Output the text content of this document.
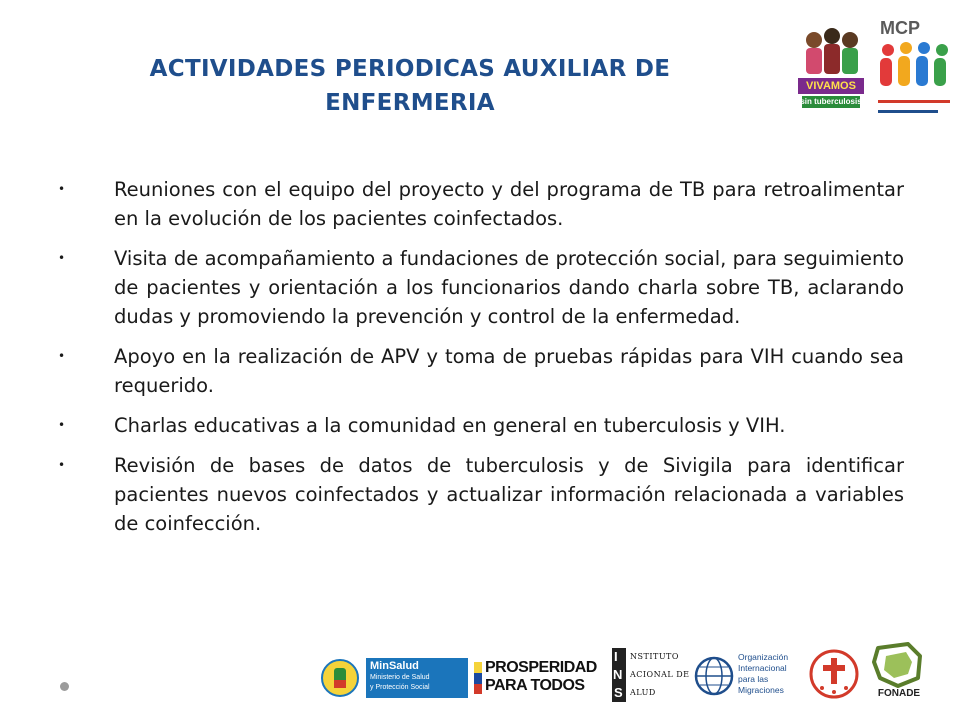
ACTIVIDADES PERIODICAS AUXILIAR DE ENFERMERIA
VIVAMOS
sin tuberculosis
MCP
•	Reuniones con el equipo del proyecto y del programa de TB para retroalimentar en la evolución de los pacientes coinfectados.
•	Visita de acompañamiento a fundaciones de protección social, para seguimiento de pacientes y orientación a los funcionarios dando charla sobre TB, aclarando dudas y promoviendo la prevención y control de la enfermedad.
•	Apoyo en la realización de APV y toma de pruebas rápidas para VIH cuando sea requerido.
•	Charlas educativas a la comunidad en general en tuberculosis y VIH.
•	Revisión de bases de datos de tuberculosis y de Sivigila para identificar pacientes nuevos coinfectados y actualizar información relacionada a variables de coinfección.
MinSalud
Ministerio de Salud
y Protección Social
PROSPERIDAD
PARA TODOS
I
N
S
NSTITUTO
ACIONAL DE
ALUD
Organización
Internacional
para las
Migraciones	FONADE
